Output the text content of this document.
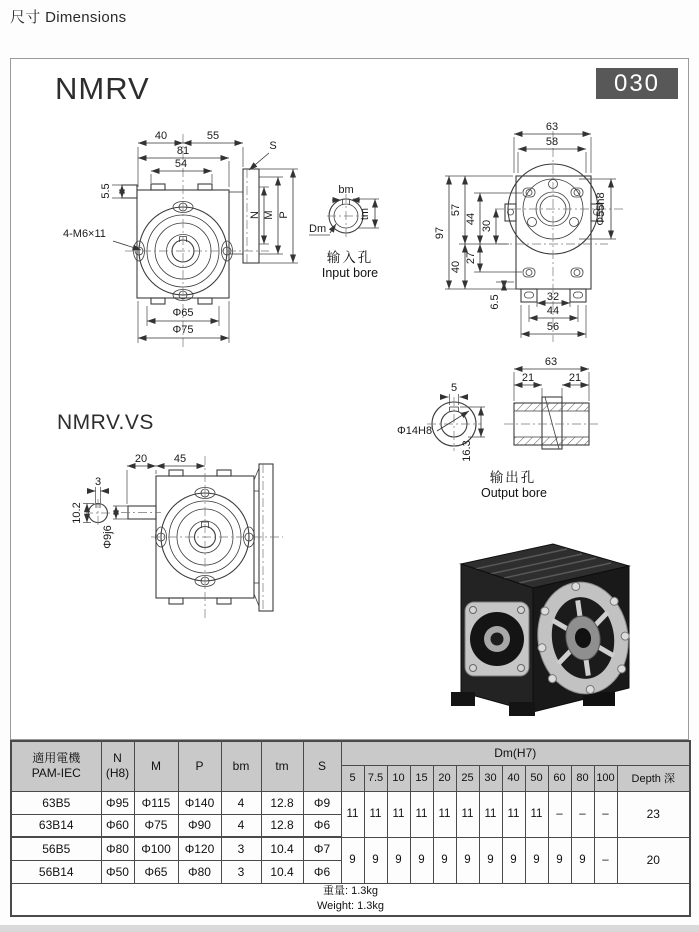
尺寸 Dimensions
NMRV	030
NMRV.VS
40	55
81
54
5.5
S
N M P
4-M6×11
Φ65
Φ75
bm
tm
Dm
输入孔
Input bore
63
58
97
57
40
44
27
30
6.5
Φ55h8
32
44
56
20 45
3
10.2
Φ9j6
5
Φ14H8
16.3
63
21	21
输出孔
Output bore
適用電機
PAM-IEC

N
(H8)	M	P	bm	tm	S	Dm(H7)
							5	7.5	10	15	20	25	30	40	50	60	80	100	Depth 深
63B5	Φ95	Φ115	Φ140	4	12.8	Φ9	11	11	11	11	11	11	11	11	11	–	–	–	23
63B14	Φ60	Φ75	Φ90	4	12.8	Φ6													
56B5	Φ80	Φ100	Φ120	3	10.4	Φ7	9	9	9	9	9	9	9	9	9	9	9	–	20
56B14	Φ50	Φ65	Φ80	3	10.4	Φ6													

重量: 1.3kg
Weight: 1.3kg																			
